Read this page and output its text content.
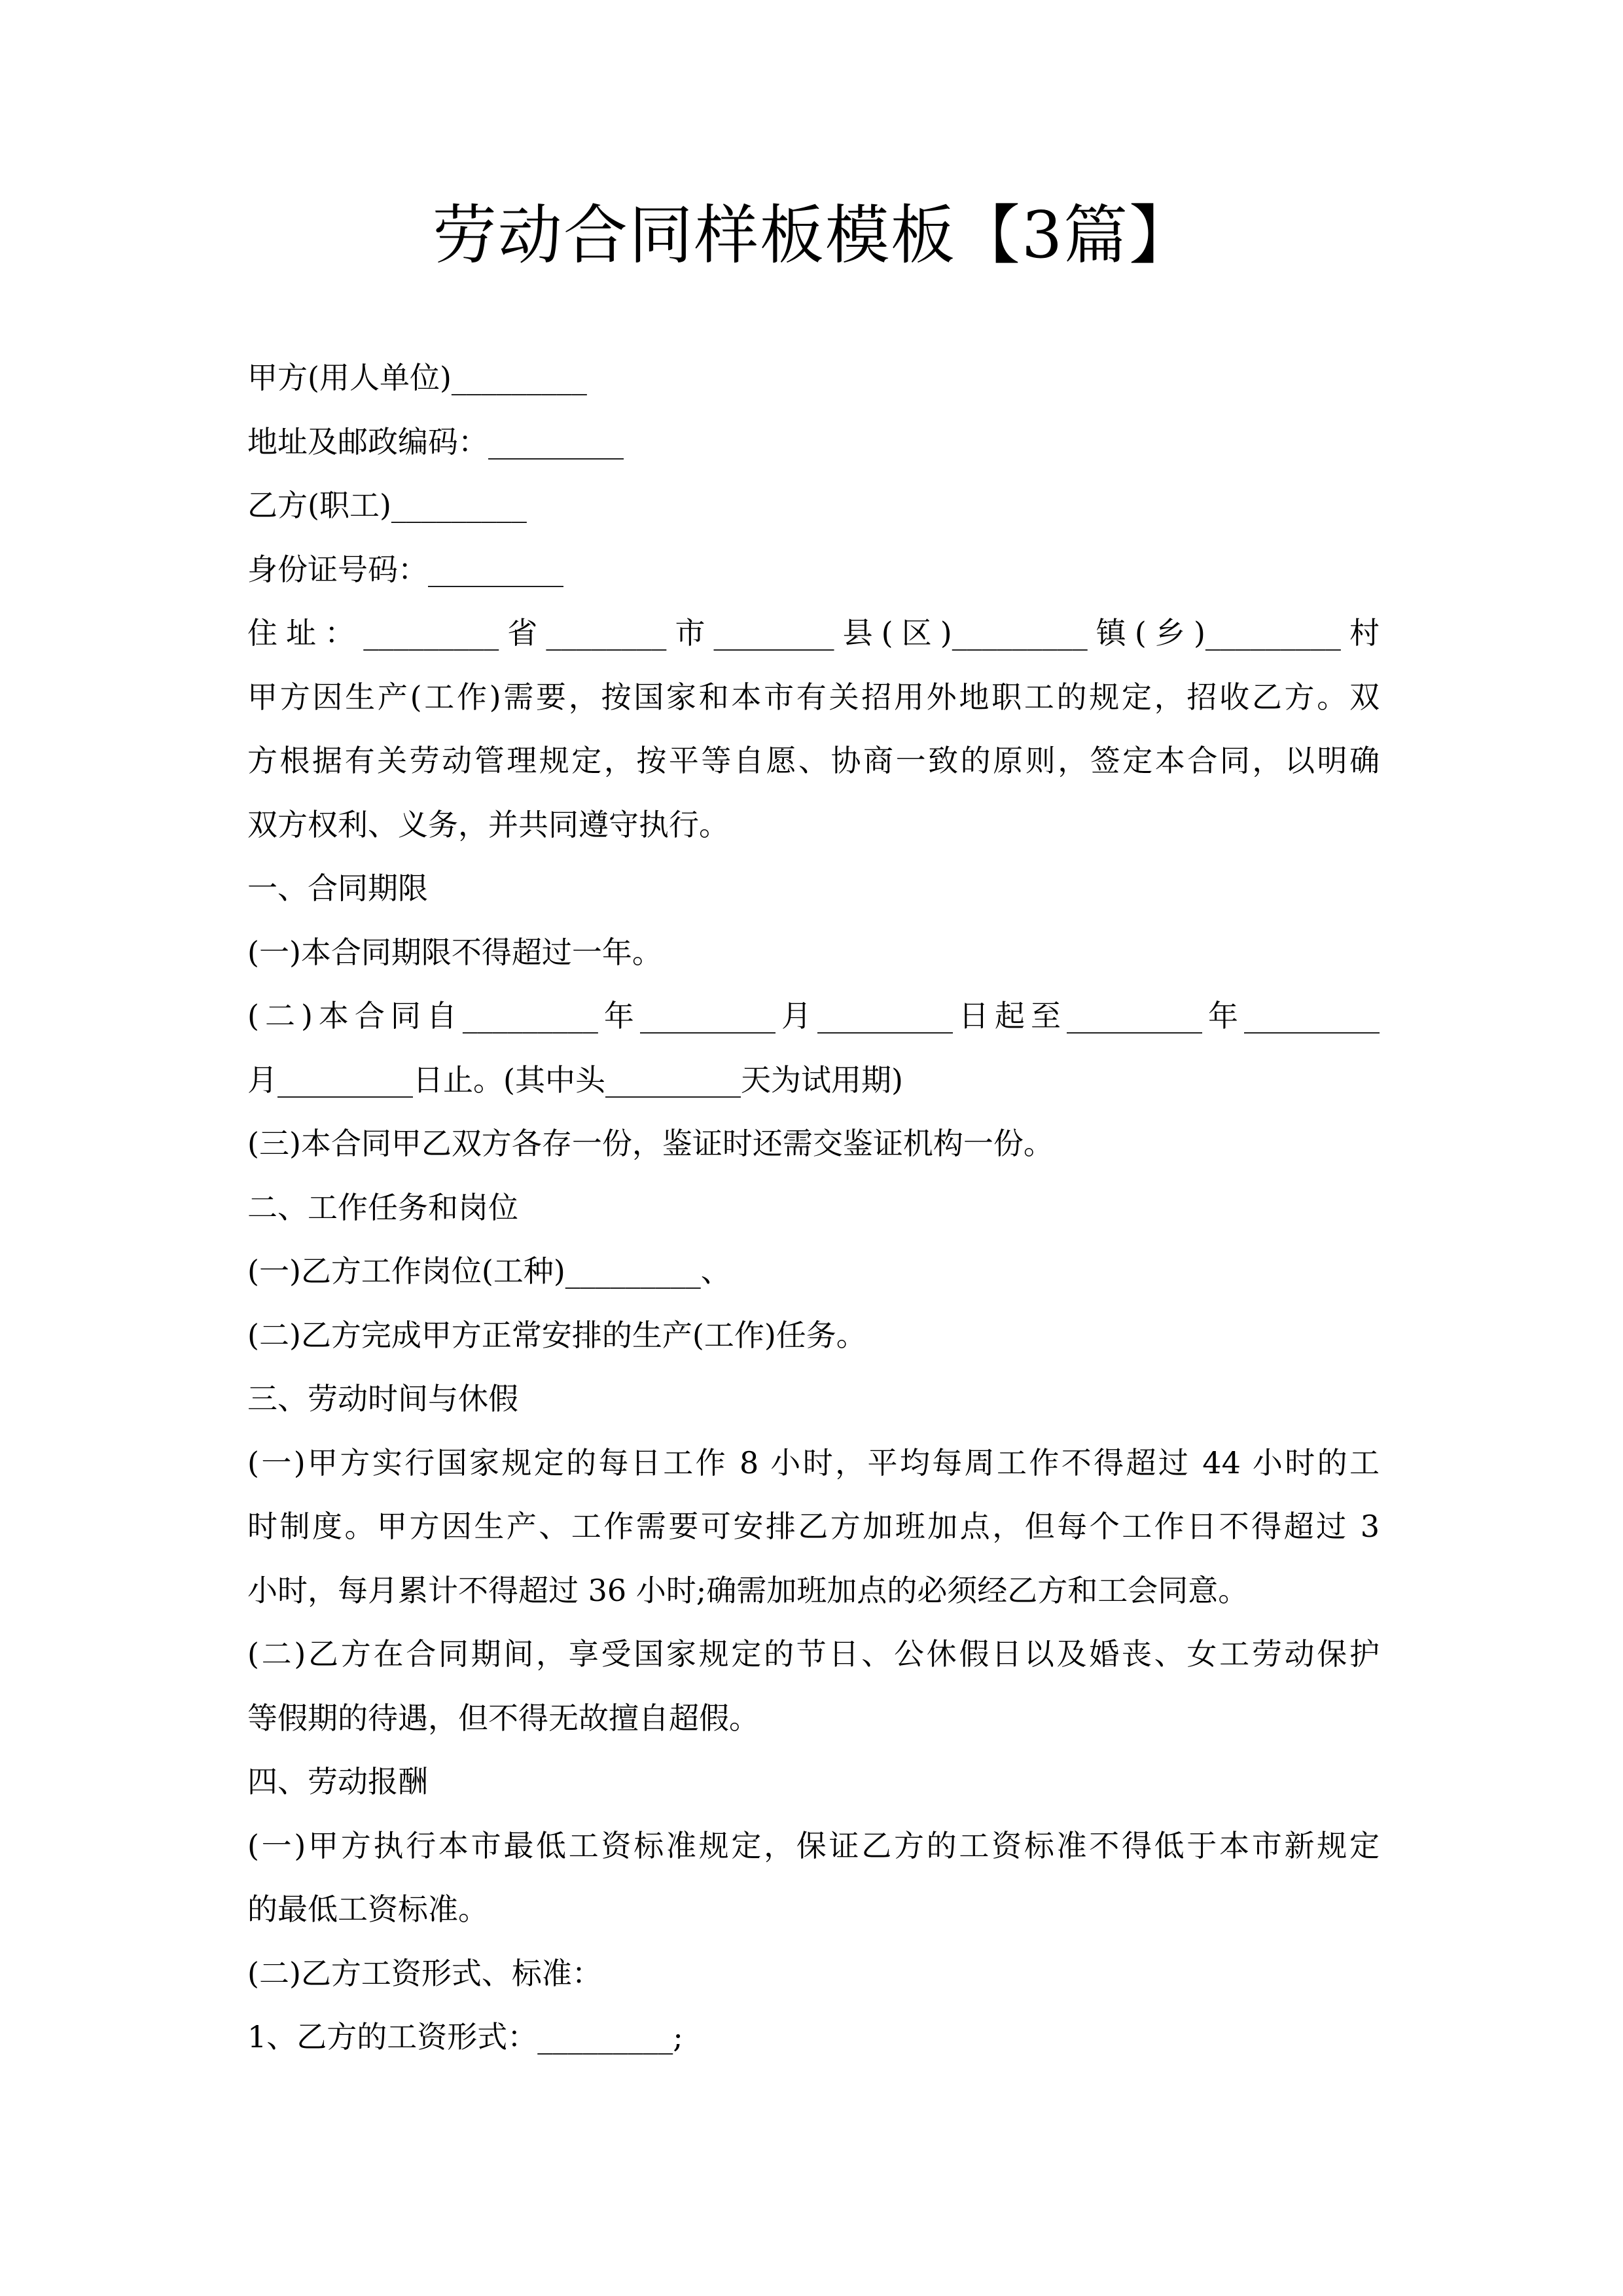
劳动合同样板模板【3篇】
甲方(用人单位)_________
地址及邮政编码：_________
乙方(职工)_________
身份证号码：_________
住址：_________省________市________县(区)_________镇(乡)_________村
甲方因生产(工作)需要，按国家和本市有关招用外地职工的规定，招收乙方。双
方根据有关劳动管理规定，按平等自愿、协商一致的原则，签定本合同，以明确
双方权利、义务，并共同遵守执行。
一、合同期限
(一)本合同期限不得超过一年。
(二)本合同自_________年_________月_________日起至_________年_________
月_________日止。(其中头_________天为试用期)
(三)本合同甲乙双方各存一份，鉴证时还需交鉴证机构一份。
二、工作任务和岗位
(一)乙方工作岗位(工种)_________、
(二)乙方完成甲方正常安排的生产(工作)任务。
三、劳动时间与休假
(一)甲方实行国家规定的每日工作 8 小时，平均每周工作不得超过 44 小时的工
时制度。甲方因生产、工作需要可安排乙方加班加点，但每个工作日不得超过 3
小时，每月累计不得超过 36 小时;确需加班加点的必须经乙方和工会同意。
(二)乙方在合同期间，享受国家规定的节日、公休假日以及婚丧、女工劳动保护
等假期的待遇，但不得无故擅自超假。
四、劳动报酬
(一)甲方执行本市最低工资标准规定，保证乙方的工资标准不得低于本市新规定
的最低工资标准。
(二)乙方工资形式、标准：
1、乙方的工资形式：_________;
